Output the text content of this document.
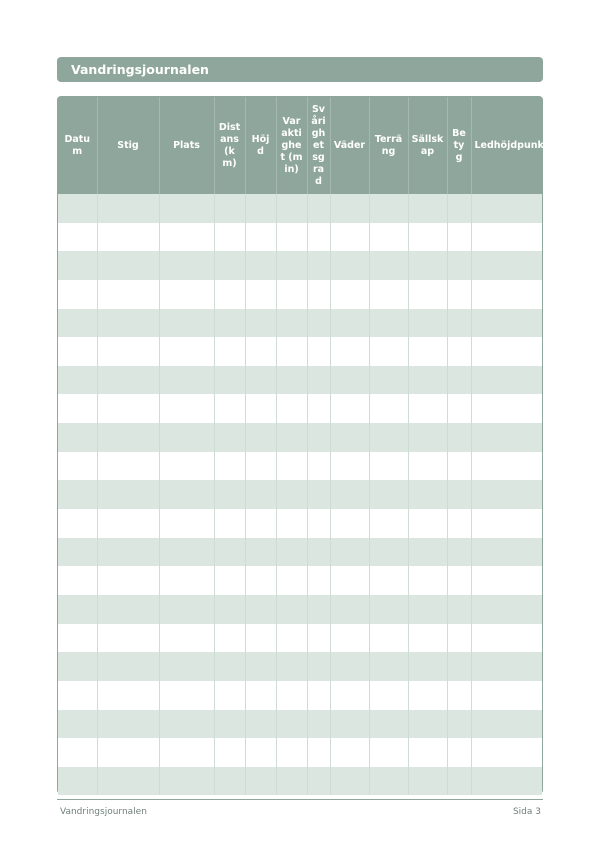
Vandringsjournalen
Datum	Stig	Plats	Distans (km)	Höjd	Varaktighet (min)	Svårighetsgrad	Väder	Terräng	Sällskap	Betyg	Ledhöjdpunkter

Vandringsjournalen	Sida 3
